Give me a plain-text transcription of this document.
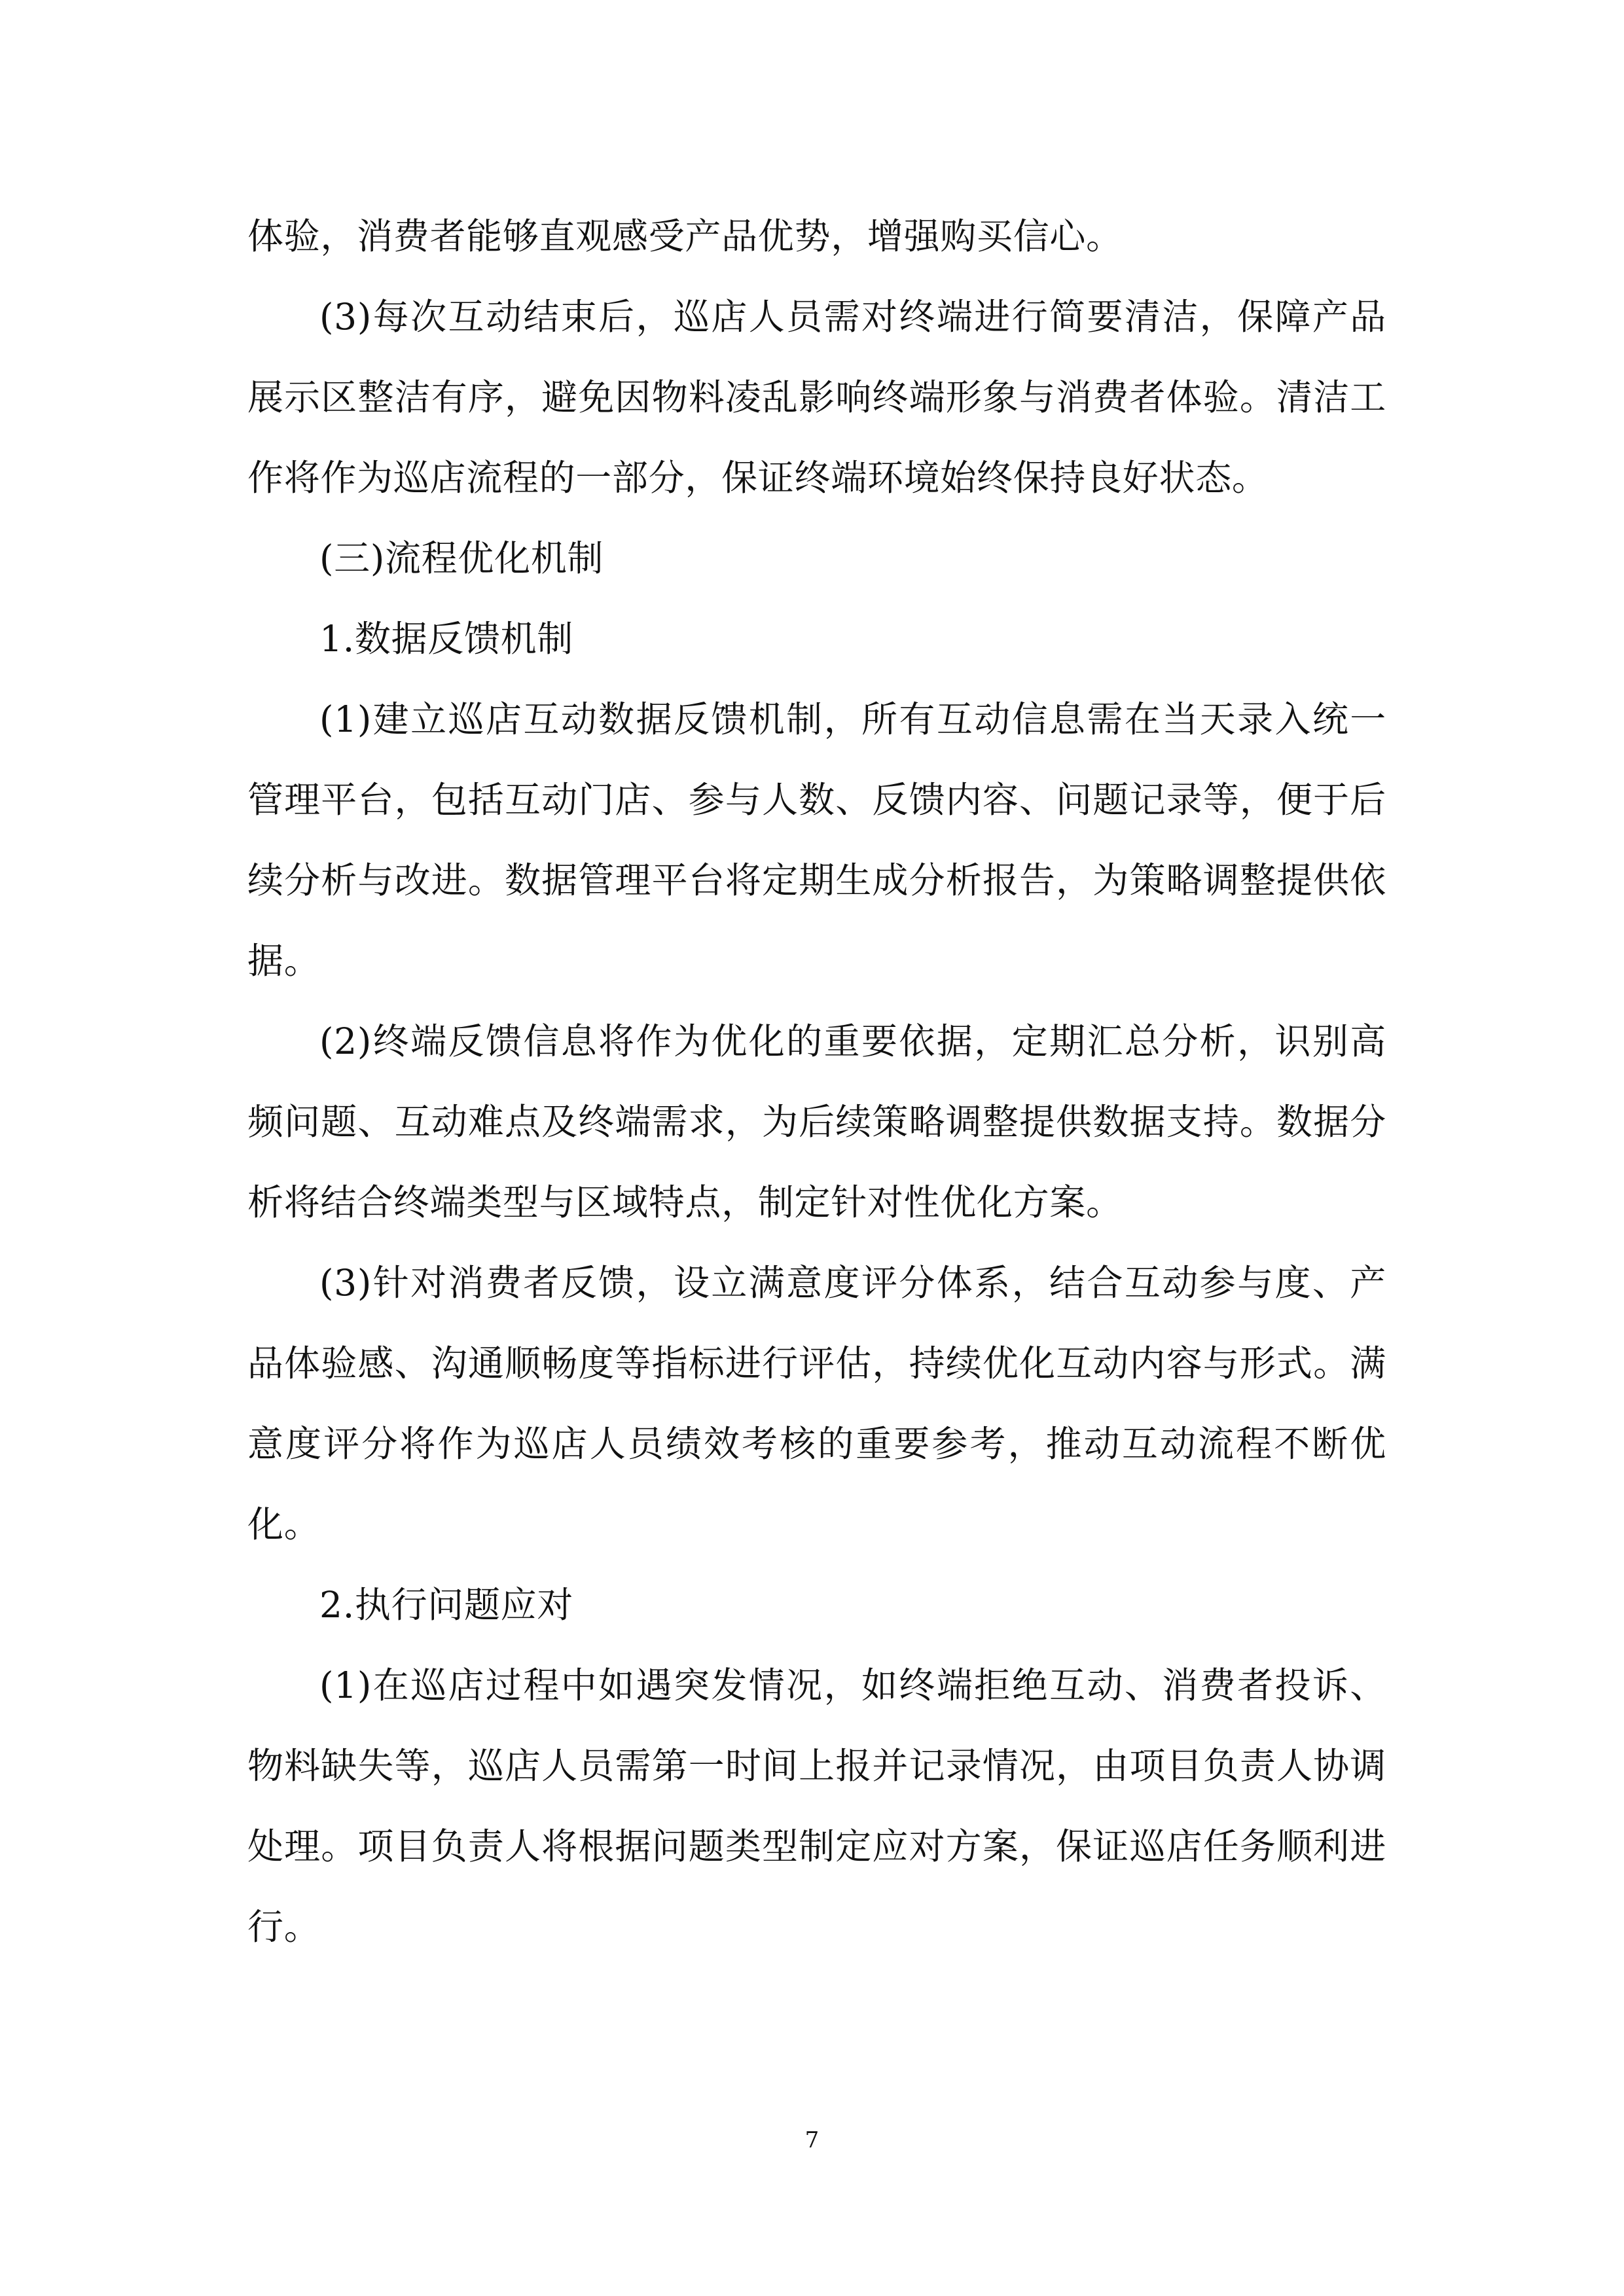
体验，消费者能够直观感受产品优势，增强购买信心。

(3)每次互动结束后，巡店人员需对终端进行简要清洁，保障产品展示区整洁有序，避免因物料凌乱影响终端形象与消费者体验。清洁工作将作为巡店流程的一部分，保证终端环境始终保持良好状态。

(三)流程优化机制

1.数据反馈机制

(1)建立巡店互动数据反馈机制，所有互动信息需在当天录入统一管理平台，包括互动门店、参与人数、反馈内容、问题记录等，便于后续分析与改进。数据管理平台将定期生成分析报告，为策略调整提供依据。

(2)终端反馈信息将作为优化的重要依据，定期汇总分析，识别高频问题、互动难点及终端需求，为后续策略调整提供数据支持。数据分析将结合终端类型与区域特点，制定针对性优化方案。

(3)针对消费者反馈，设立满意度评分体系，结合互动参与度、产品体验感、沟通顺畅度等指标进行评估，持续优化互动内容与形式。满意度评分将作为巡店人员绩效考核的重要参考，推动互动流程不断优化。

2.执行问题应对

(1)在巡店过程中如遇突发情况，如终端拒绝互动、消费者投诉、物料缺失等，巡店人员需第一时间上报并记录情况，由项目负责人协调处理。项目负责人将根据问题类型制定应对方案，保证巡店任务顺利进行。

7
